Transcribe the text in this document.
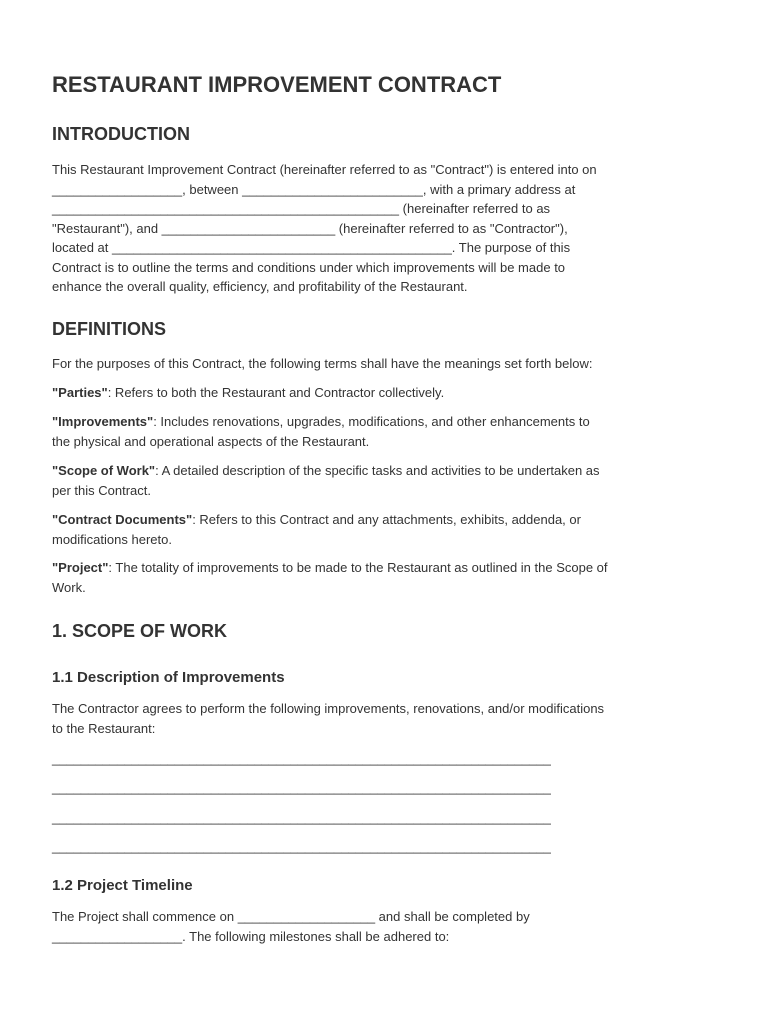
RESTAURANT IMPROVEMENT CONTRACT
INTRODUCTION
This Restaurant Improvement Contract (hereinafter referred to as "Contract") is entered into on
__________________, between _________________________, with a primary address at
________________________________________________ (hereinafter referred to as
"Restaurant"), and ________________________ (hereinafter referred to as "Contractor"),
located at _______________________________________________. The purpose of this
Contract is to outline the terms and conditions under which improvements will be made to
enhance the overall quality, efficiency, and profitability of the Restaurant.
DEFINITIONS
For the purposes of this Contract, the following terms shall have the meanings set forth below:
"Parties": Refers to both the Restaurant and Contractor collectively.
"Improvements": Includes renovations, upgrades, modifications, and other enhancements to
the physical and operational aspects of the Restaurant.
"Scope of Work": A detailed description of the specific tasks and activities to be undertaken as
per this Contract.
"Contract Documents": Refers to this Contract and any attachments, exhibits, addenda, or
modifications hereto.
"Project": The totality of improvements to be made to the Restaurant as outlined in the Scope of
Work.
1. SCOPE OF WORK
1.1 Description of Improvements
The Contractor agrees to perform the following improvements, renovations, and/or modifications
to the Restaurant:
_____________________________________________________________________
_____________________________________________________________________
_____________________________________________________________________
_____________________________________________________________________
1.2 Project Timeline
The Project shall commence on ___________________ and shall be completed by
__________________. The following milestones shall be adhered to:
